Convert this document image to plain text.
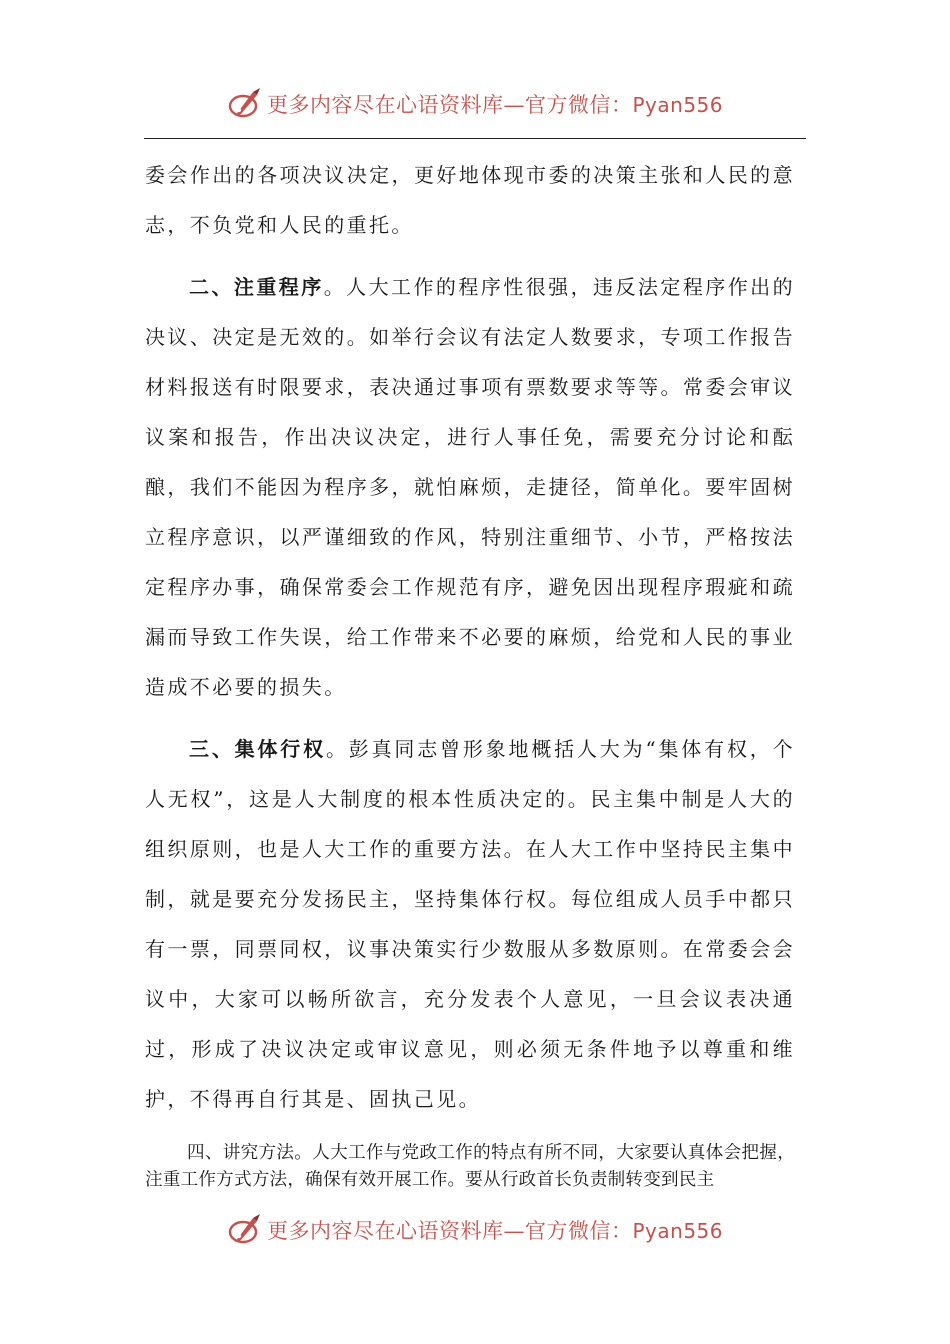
更多内容尽在心语资料库—官方微信：Pyan556

委会作出的各项决议决定，更好地体现市委的决策主张和人民的意志，不负党和人民的重托。

二、注重程序。人大工作的程序性很强，违反法定程序作出的决议、决定是无效的。如举行会议有法定人数要求，专项工作报告材料报送有时限要求，表决通过事项有票数要求等等。常委会审议议案和报告，作出决议决定，进行人事任免，需要充分讨论和酝酿，我们不能因为程序多，就怕麻烦，走捷径，简单化。要牢固树立程序意识，以严谨细致的作风，特别注重细节、小节，严格按法定程序办事，确保常委会工作规范有序，避免因出现程序瑕疵和疏漏而导致工作失误，给工作带来不必要的麻烦，给党和人民的事业造成不必要的损失。

三、集体行权。彭真同志曾形象地概括人大为“集体有权，个人无权”，这是人大制度的根本性质决定的。民主集中制是人大的组织原则，也是人大工作的重要方法。在人大工作中坚持民主集中制，就是要充分发扬民主，坚持集体行权。每位组成人员手中都只有一票，同票同权，议事决策实行少数服从多数原则。在常委会会议中，大家可以畅所欲言，充分发表个人意见，一旦会议表决通过，形成了决议决定或审议意见，则必须无条件地予以尊重和维护，不得再自行其是、固执己见。

四、讲究方法。人大工作与党政工作的特点有所不同，大家要认真体会把握，注重工作方式方法，确保有效开展工作。要从行政首长负责制转变到民主

更多内容尽在心语资料库—官方微信：Pyan556
